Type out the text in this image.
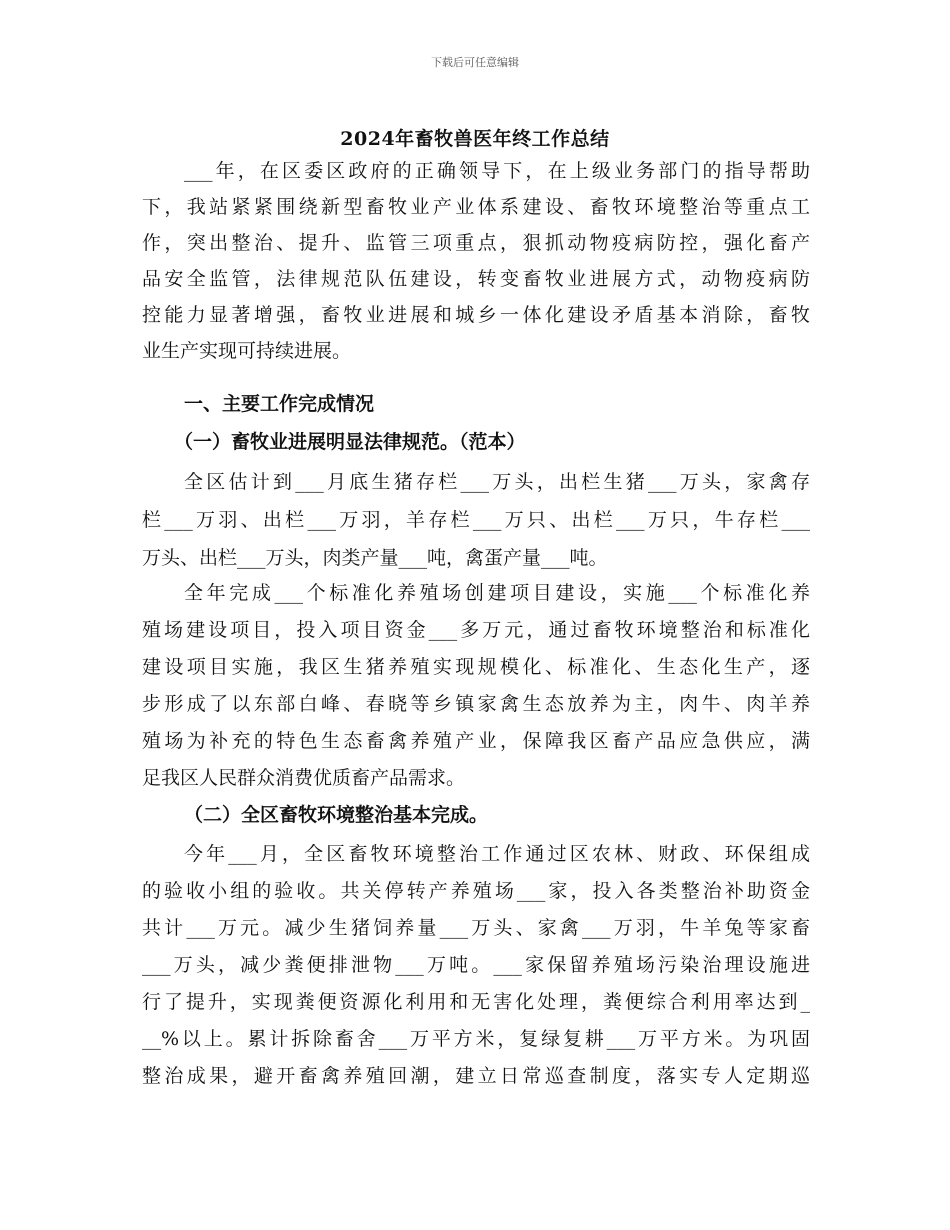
下载后可任意编辑
2024年畜牧兽医年终工作总结
___年，在区委区政府的正确领导下，在上级业务部门的指导帮助
下，我站紧紧围绕新型畜牧业产业体系建设、畜牧环境整治等重点工
作，突出整治、提升、监管三项重点，狠抓动物疫病防控，强化畜产
品安全监管，法律规范队伍建设，转变畜牧业进展方式，动物疫病防
控能力显著增强，畜牧业进展和城乡一体化建设矛盾基本消除，畜牧
业生产实现可持续进展。
一、主要工作完成情况
（一）畜牧业进展明显法律规范。（范本）
全区估计到___月底生猪存栏___万头，出栏生猪___万头，家禽存
栏___万羽、出栏___万羽，羊存栏___万只、出栏___万只，牛存栏___
万头、出栏___万头，肉类产量___吨，禽蛋产量___吨。
全年完成___个标准化养殖场创建项目建设，实施___个标准化养
殖场建设项目，投入项目资金___多万元，通过畜牧环境整治和标准化
建设项目实施，我区生猪养殖实现规模化、标准化、生态化生产，逐
步形成了以东部白峰、春晓等乡镇家禽生态放养为主，肉牛、肉羊养
殖场为补充的特色生态畜禽养殖产业，保障我区畜产品应急供应，满
足我区人民群众消费优质畜产品需求。
（二）全区畜牧环境整治基本完成。
今年___月，全区畜牧环境整治工作通过区农林、财政、环保组成
的验收小组的验收。共关停转产养殖场___家，投入各类整治补助资金
共计___万元。减少生猪饲养量___万头、家禽___万羽，牛羊兔等家畜
___万头，减少粪便排泄物___万吨。___家保留养殖场污染治理设施进
行了提升，实现粪便资源化利用和无害化处理，粪便综合利用率达到_
__%以上。累计拆除畜舍___万平方米，复绿复耕___万平方米。为巩固
整治成果，避开畜禽养殖回潮，建立日常巡查制度，落实专人定期巡
